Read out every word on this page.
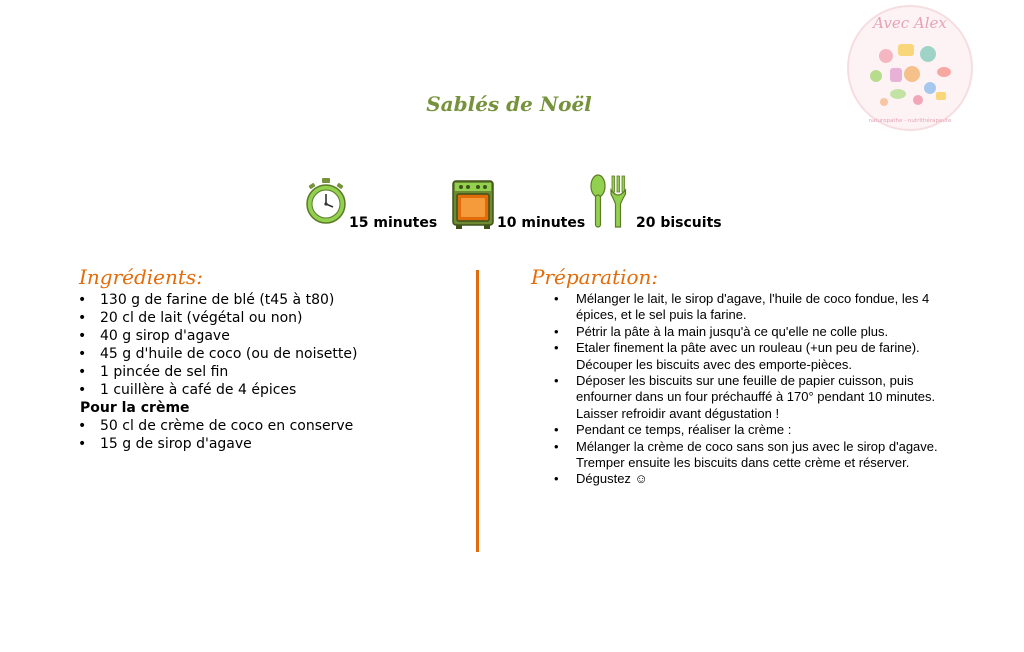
Avec Alex
naturopathe - nutrithérapeute
Sablés de Noël
15 minutes	10 minutes	20 biscuits
Ingrédients:
• 130 g de farine de blé (t45 à t80)
• 20 cl de lait (végétal ou non)
• 40 g sirop d'agave
• 45 g d'huile de coco (ou de noisette)
• 1 pincée de sel fin
• 1 cuillère à café de 4 épices
Pour la crème
• 50 cl de crème de coco en conserve
• 15 g de sirop d'agave
Préparation:
• Mélanger le lait, le sirop d'agave, l'huile de coco fondue, les 4 épices, et le sel puis la farine.
• Pétrir la pâte à la main jusqu'à ce qu'elle ne colle plus.
• Etaler finement la pâte avec un rouleau (+un peu de farine). Découper les biscuits avec des emporte-pièces.
• Déposer les biscuits sur une feuille de papier cuisson, puis enfourner dans un four préchauffé à 170° pendant 10 minutes. Laisser refroidir avant dégustation !
• Pendant ce temps, réaliser la crème :
• Mélanger la crème de coco sans son jus avec le sirop d'agave. Tremper ensuite les biscuits dans cette crème et réserver.
• Dégustez ☺
